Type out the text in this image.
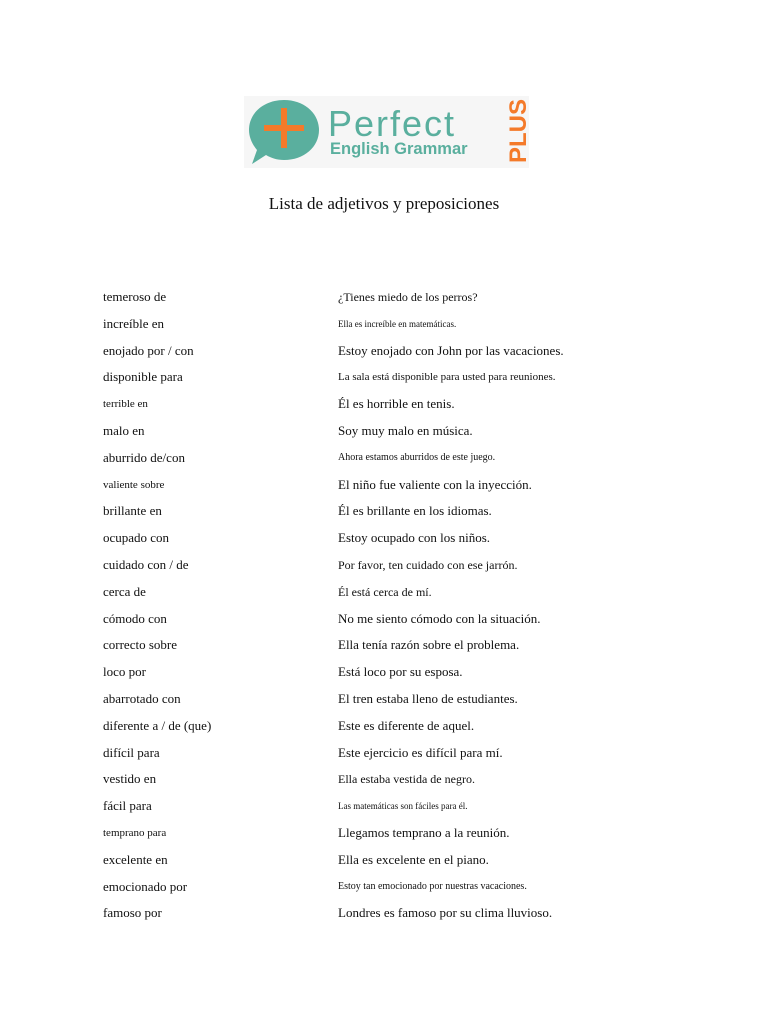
Perfect
English Grammar PLUS
Lista de adjetivos y preposiciones
temeroso de	¿Tienes miedo de los perros?
increíble en	Ella es increíble en matemáticas.
enojado por / con	Estoy enojado con John por las vacaciones.
disponible para	La sala está disponible para usted para reuniones.
terrible en	Él es horrible en tenis.
malo en	Soy muy malo en música.
aburrido de/con	Ahora estamos aburridos de este juego.
valiente sobre	El niño fue valiente con la inyección.
brillante en	Él es brillante en los idiomas.
ocupado con	Estoy ocupado con los niños.
cuidado con / de	Por favor, ten cuidado con ese jarrón.
cerca de	Él está cerca de mí.
cómodo con	No me siento cómodo con la situación.
correcto sobre	Ella tenía razón sobre el problema.
loco por	Está loco por su esposa.
abarrotado con	El tren estaba lleno de estudiantes.
diferente a / de (que)	Este es diferente de aquel.
difícil para	Este ejercicio es difícil para mí.
vestido en	Ella estaba vestida de negro.
fácil para	Las matemáticas son fáciles para él.
temprano para	Llegamos temprano a la reunión.
excelente en	Ella es excelente en el piano.
emocionado por	Estoy tan emocionado por nuestras vacaciones.
famoso por	Londres es famoso por su clima lluvioso.
